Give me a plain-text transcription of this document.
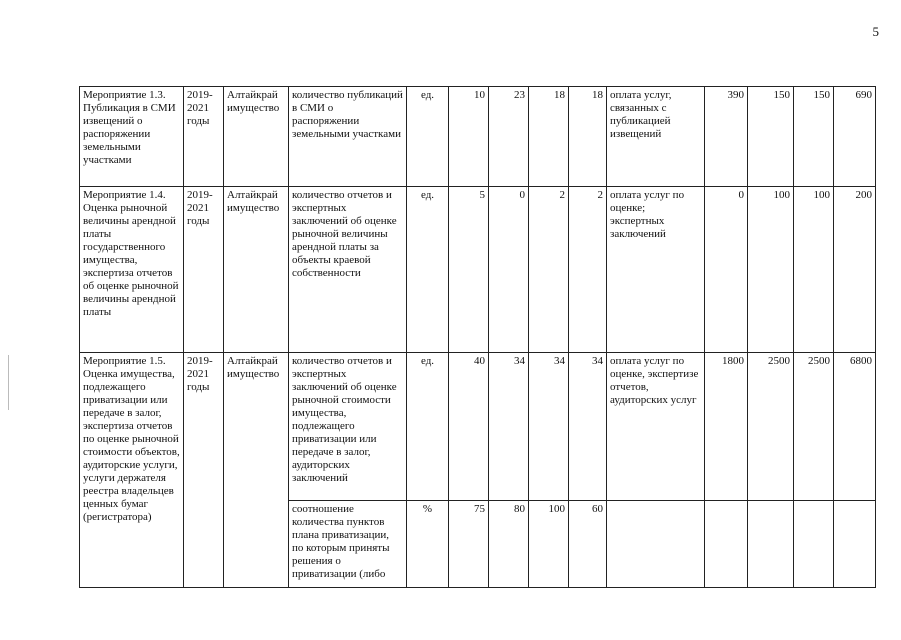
5
Мероприятие 1.3. Публикация в СМИ извещений о распоряжении земельными участками	2019-2021 годы	Алтайкрай имущество	количество публикаций в СМИ о распоряжении земельными участками	ед.	10	23	18	18	оплата услуг, связанных с публикацией извещений	390	150	150	690
Мероприятие 1.4. Оценка рыночной величины арендной платы государственного имущества, экспертиза отчетов об оценке рыночной величины арендной платы	2019-2021 годы	Алтайкрай имущество	количество отчетов и экспертных заключений об оценке рыночной величины арендной платы за объекты краевой собственности	ед.	5	0	2	2	оплата услуг по оценке; экспертных заключений	0	100	100	200
Мероприятие 1.5. Оценка имущества, подлежащего приватизации или передаче в залог, экспертиза отчетов по оценке рыночной стоимости объектов, аудиторские услуги, услуги держателя реестра владельцев ценных бумаг (регистратора)	2019-2021 годы	Алтайкрай имущество	количество отчетов и экспертных заключений об оценке рыночной стоимости имущества, подлежащего приватизации или передаче в залог, аудиторских заключений	ед.	40	34	34	34	оплата услуг по оценке, экспертизе отчетов, аудиторских услуг	1800	2500	2500	6800

			соотношение количества пунктов плана приватизации, по которым приняты решения о приватизации (либо	%	75	80	100	60					
